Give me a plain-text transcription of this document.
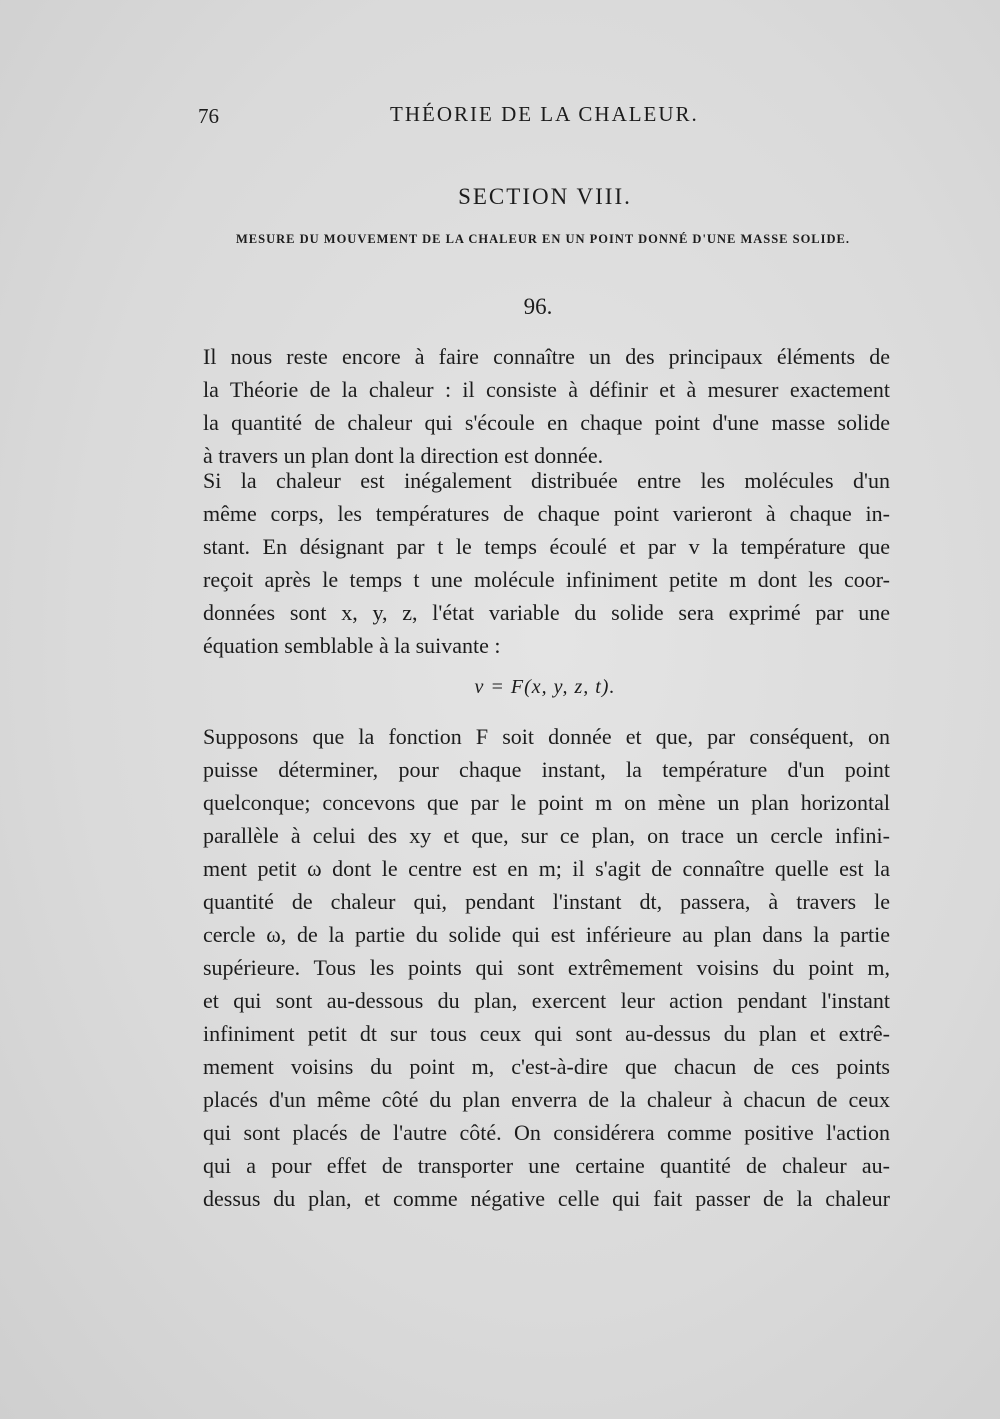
76	THÉORIE DE LA CHALEUR.
SECTION VIII.
MESURE DU MOUVEMENT DE LA CHALEUR EN UN POINT DONNÉ D'UNE MASSE SOLIDE.
96.
Il nous reste encore à faire connaître un des principaux éléments de
la Théorie de la chaleur : il consiste à définir et à mesurer exactement
la quantité de chaleur qui s'écoule en chaque point d'une masse solide
à travers un plan dont la direction est donnée.
Si la chaleur est inégalement distribuée entre les molécules d'un
même corps, les températures de chaque point varieront à chaque in-
stant. En désignant par t le temps écoulé et par v la température que
reçoit après le temps t une molécule infiniment petite m dont les coor-
données sont x, y, z, l'état variable du solide sera exprimé par une
équation semblable à la suivante :
v = F(x, y, z, t).
Supposons que la fonction F soit donnée et que, par conséquent, on
puisse déterminer, pour chaque instant, la température d'un point
quelconque; concevons que par le point m on mène un plan horizontal
parallèle à celui des xy et que, sur ce plan, on trace un cercle infini-
ment petit ω dont le centre est en m; il s'agit de connaître quelle est la
quantité de chaleur qui, pendant l'instant dt, passera, à travers le
cercle ω, de la partie du solide qui est inférieure au plan dans la partie
supérieure. Tous les points qui sont extrêmement voisins du point m,
et qui sont au-dessous du plan, exercent leur action pendant l'instant
infiniment petit dt sur tous ceux qui sont au-dessus du plan et extrê-
mement voisins du point m, c'est-à-dire que chacun de ces points
placés d'un même côté du plan enverra de la chaleur à chacun de ceux
qui sont placés de l'autre côté. On considérera comme positive l'action
qui a pour effet de transporter une certaine quantité de chaleur au-
dessus du plan, et comme négative celle qui fait passer de la chaleur
